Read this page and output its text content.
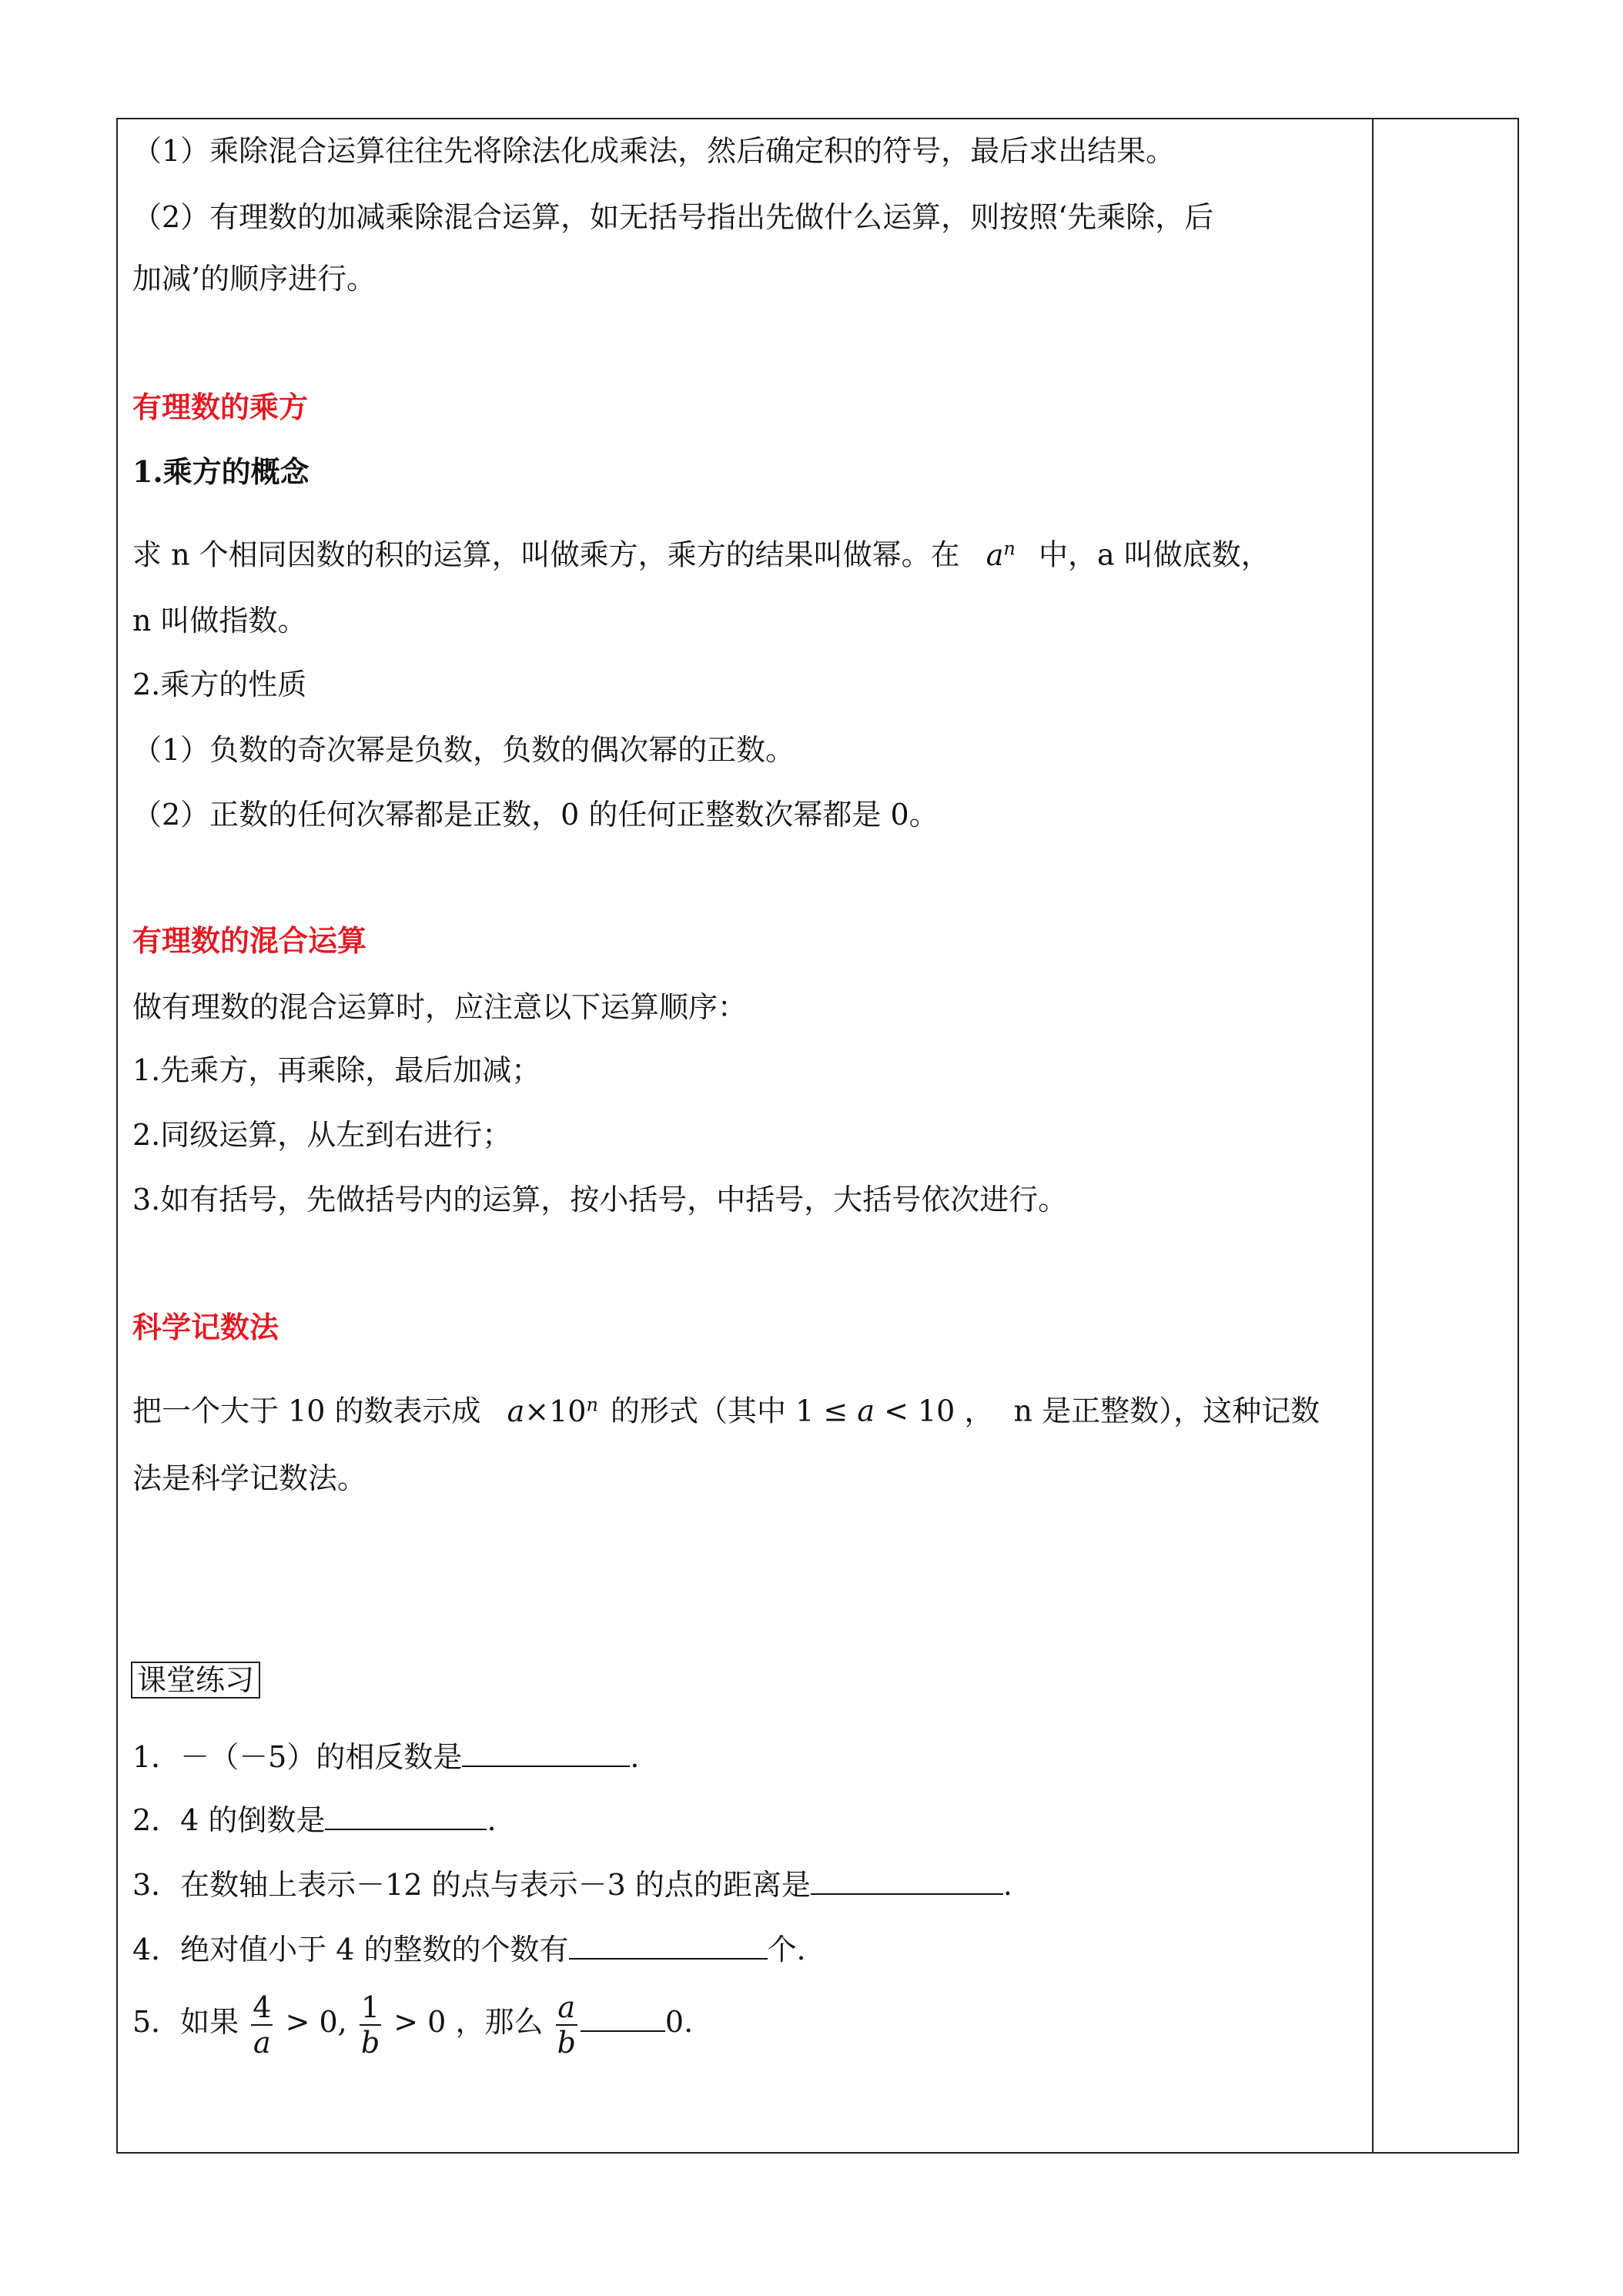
（1）乘除混合运算往往先将除法化成乘法，然后确定积的符号，最后求出结果。
（2）有理数的加减乘除混合运算，如无括号指出先做什么运算，则按照‘先乘除，后
加减’的顺序进行。
有理数的乘方
1.乘方的概念
求 n 个相同因数的积的运算，叫做乘方，乘方的结果叫做幂。在 $a^n$ 中，a 叫做底数，
n 叫做指数。
2.乘方的性质
（1）负数的奇次幂是负数，负数的偶次幂的正数。
（2）正数的任何次幂都是正数，0 的任何正整数次幂都是 0。
有理数的混合运算
做有理数的混合运算时，应注意以下运算顺序：
1.先乘方，再乘除，最后加减；
2.同级运算，从左到右进行；
3.如有括号，先做括号内的运算，按小括号，中括号，大括号依次进行。
科学记数法
把一个大于 10 的数表示成 $a\times 10^n$ 的形式（其中 1 ≤ a < 10 ， n 是正整数），这种记数
法是科学记数法。
课堂练习
1．－（－5）的相反数是	.
2．4 的倒数是	.
3．在数轴上表示－12 的点与表示－3 的点的距离是	.
4．绝对值小于 4 的整数的个数有	个.
5．如果 $\frac{4}{a} > 0$, $\frac{1}{b} > 0$ ，那么 $\frac{a}{b}$	0.
